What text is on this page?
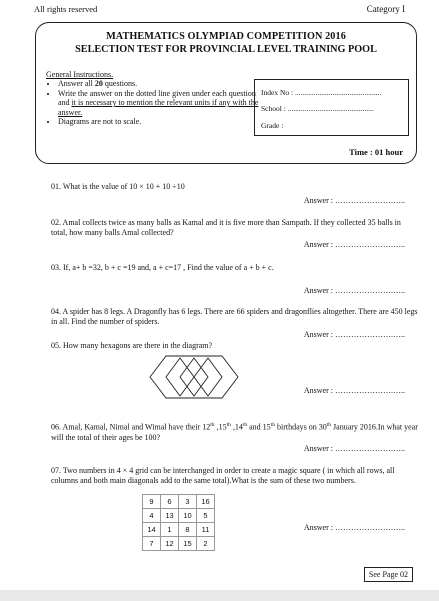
All rights reserved	Category I
MATHEMATICS OLYMPIAD COMPETITION 2016
SELECTION TEST FOR PROVINCIAL LEVEL TRAINING POOL
General Instructions.
• Answer all 20 questions.
• Write the answer on the dotted line given under each question and it is necessary to mention the relevant units if any with the answer.
• Diagrams are not to scale.
Index No : ..............................................
School : ..............................................
Grade :
Time : 01 hour
01. What is the value of 10 × 10 + 10 ÷10
Answer : ………………….…..
02. Amal collects twice as many balls as Kamal and it is five more than Sampath. If they collected 35 balls in total, how many balls Amal collected?
Answer : ………………….…..
03. If, a+ b =32, b + c =19 and, a + c=17 , Find the value of a + b + c.
Answer : ………………….…..
04. A spider has 8 legs. A Dragonfly has 6 legs. There are 66 spiders and dragonflies altogether. There are 450 legs in all. Find the number of spiders.
Answer : ………………….…..
05. How many hexagons are there in the diagram?
Answer : ………………….…..
06. Amal, Kamal, Nimal and Wimal have their 12th ,15th ,14th and 15th birthdays on 30th January 2016.In what year will the total of their ages be 100?
Answer : ………………….…..
07. Two numbers in 4 × 4 grid can be interchanged in order to create a magic square ( in which all rows, all columns and both main diagonals add to the same total).What is the sum of these two numbers.
9	6	3	16
4	13	10	5
14	1	8	11
7	12	15	2
Answer : ………………….…..
See Page 02
